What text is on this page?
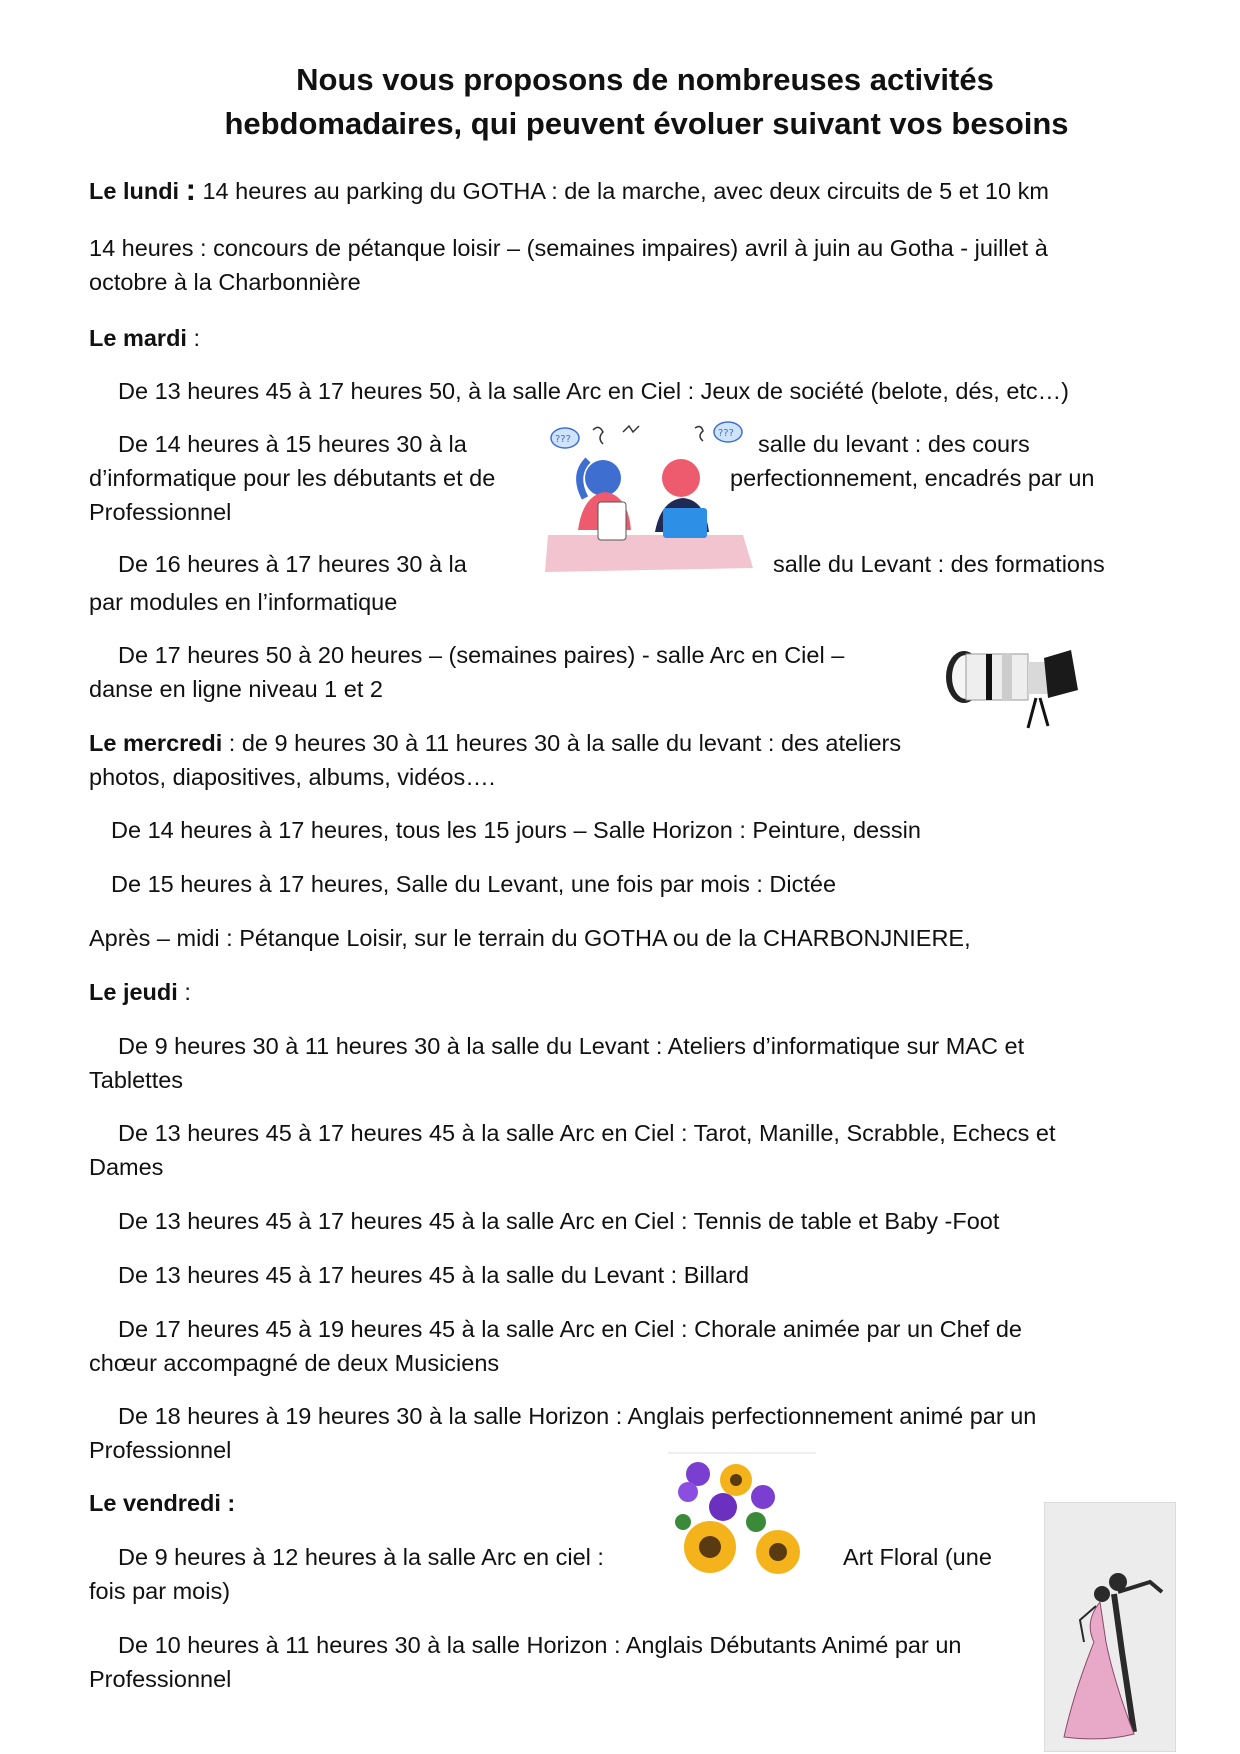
Nous vous proposons de nombreuses activités
hebdomadaires, qui peuvent évoluer suivant vos besoins

Le lundi : 14 heures au parking du GOTHA : de la marche, avec deux circuits de 5 et 10 km

14 heures : concours de pétanque loisir – (semaines impaires) avril à juin au Gotha - juillet à

octobre à la Charbonnière

Le mardi :

De 13 heures 45 à 17 heures 50, à la salle Arc en Ciel : Jeux de société (belote, dés, etc…)

De 14 heures à 15 heures 30 à la	salle du levant : des cours

d’informatique pour les débutants et de	perfectionnement, encadrés par un

Professionnel

De 16 heures à 17 heures 30 à la	salle du Levant : des formations

par modules en l’informatique

De 17 heures 50 à 20 heures – (semaines paires) - salle Arc en Ciel –

danse en ligne niveau 1 et 2

Le mercredi : de 9 heures 30 à 11 heures 30 à la salle du levant : des ateliers

photos, diapositives, albums, vidéos….

De 14 heures à 17 heures, tous les 15 jours – Salle Horizon : Peinture, dessin

De 15 heures à 17 heures, Salle du Levant, une fois par mois : Dictée

Après – midi : Pétanque Loisir, sur le terrain du GOTHA ou de la CHARBONJNIERE,

Le jeudi :

De 9 heures 30 à 11 heures 30 à la salle du Levant : Ateliers d’informatique sur MAC et

Tablettes

De 13 heures 45 à 17 heures 45 à la salle Arc en Ciel : Tarot, Manille, Scrabble, Echecs et

Dames

De 13 heures 45 à 17 heures 45 à la salle Arc en Ciel : Tennis de table et Baby -Foot

De 13 heures 45 à 17 heures 45 à la salle du Levant : Billard

De 17 heures 45 à 19 heures 45 à la salle Arc en Ciel : Chorale animée par un Chef de

chœur accompagné de deux Musiciens

De 18 heures à 19 heures 30 à la salle Horizon : Anglais perfectionnement animé par un

Professionnel

Le vendredi :

De 9 heures à 12 heures à la salle Arc en ciel :	Art Floral (une

fois par mois)

De 10 heures à 11 heures 30 à la salle Horizon : Anglais Débutants Animé par un

Professionnel

???
???
